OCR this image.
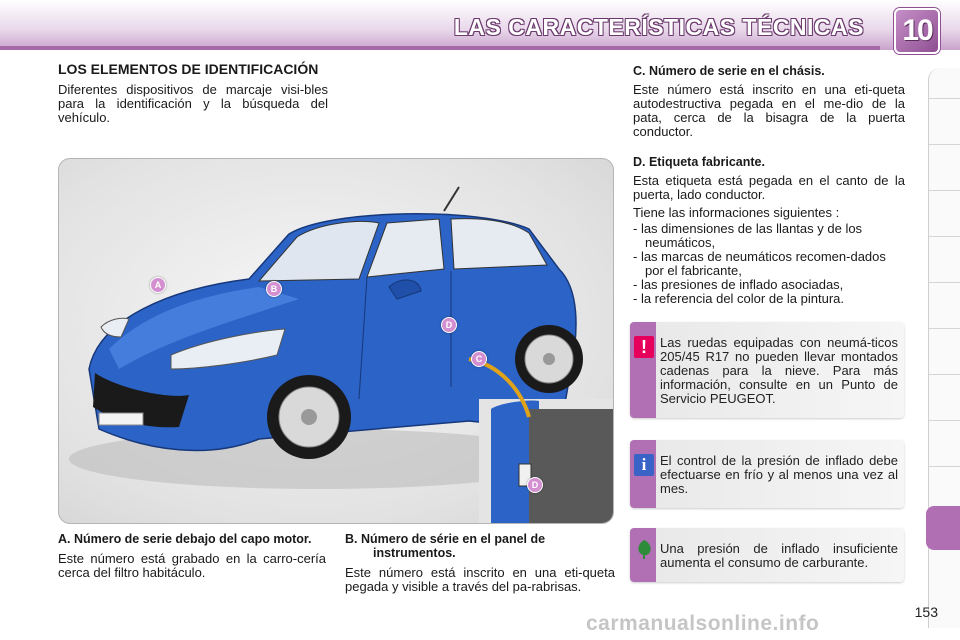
LAS CARACTERÍSTICAS TÉCNICAS 10
LOS ELEMENTOS DE IDENTIFICACIÓN
Diferentes dispositivos de marcaje visi-bles para la identificación y la búsqueda del vehículo.
A	B
D
C
D
A. Número de serie debajo del capo motor.
Este número está grabado en la carro-cería cerca del filtro habitáculo.
B. Número de série en el panel de instrumentos.
Este número está inscrito en una eti-queta pegada y visible a través del pa-rabrisas.
C. Número de serie en el chásis.
Este número está inscrito en una eti-queta autodestructiva pegada en el me-dio de la pata, cerca de la bisagra de la puerta conductor.
D. Etiqueta fabricante.
Esta etiqueta está pegada en el canto de la puerta, lado conductor.
Tiene las informaciones siguientes :
- las dimensiones de las llantas y de los neumáticos,
- las marcas de neumáticos recomen-dados por el fabricante,
- las presiones de inflado asociadas,
- la referencia del color de la pintura.
!	Las ruedas equipadas con neumá-ticos 205/45 R17 no pueden llevar montados cadenas para la nieve. Para más información, consulte en un Punto de Servicio PEUGEOT.
i	El control de la presión de inflado debe efectuarse en frío y al menos una vez al mes.
Una presión de inflado insuficiente aumenta el consumo de carburante.
153
carmanualsonline.info
